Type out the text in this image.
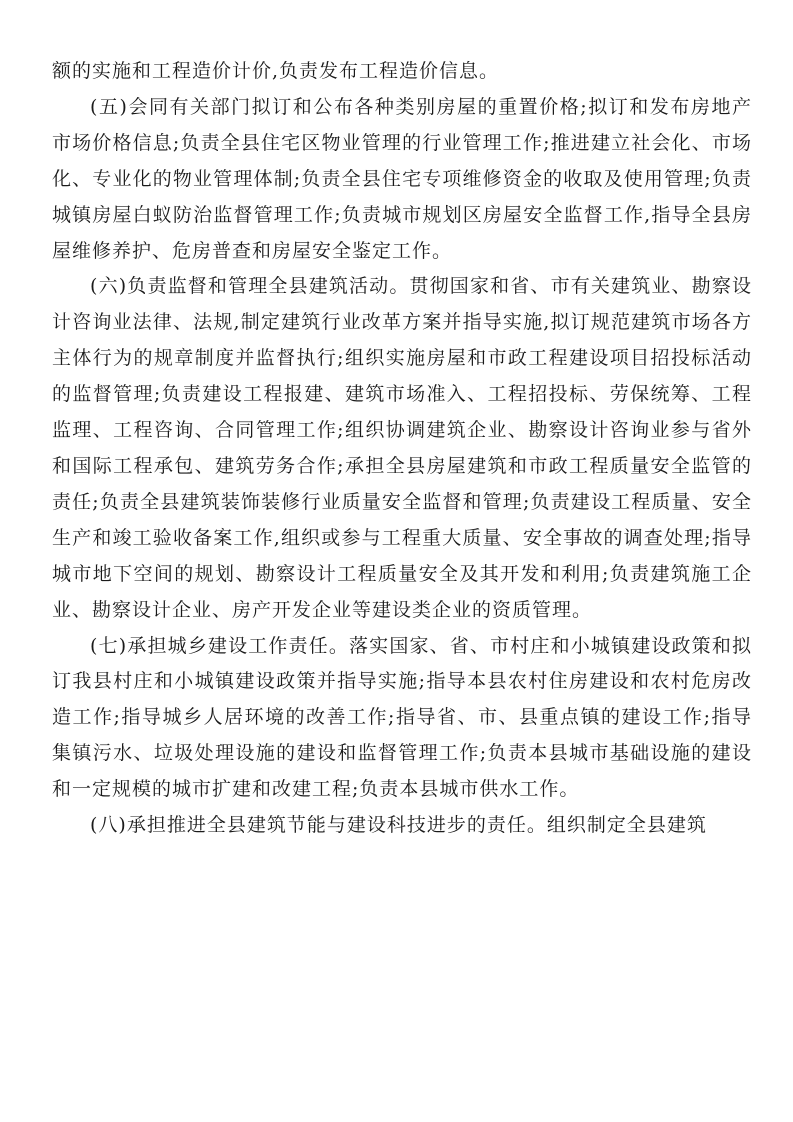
额的实施和工程造价计价,负责发布工程造价信息。

(五)会同有关部门拟订和公布各种类别房屋的重置价格;拟订和发布房地产市场价格信息;负责全县住宅区物业管理的行业管理工作;推进建立社会化、市场化、专业化的物业管理体制;负责全县住宅专项维修资金的收取及使用管理;负责城镇房屋白蚁防治监督管理工作;负责城市规划区房屋安全监督工作,指导全县房屋维修养护、危房普查和房屋安全鉴定工作。

(六)负责监督和管理全县建筑活动。贯彻国家和省、市有关建筑业、勘察设计咨询业法律、法规,制定建筑行业改革方案并指导实施,拟订规范建筑市场各方主体行为的规章制度并监督执行;组织实施房屋和市政工程建设项目招投标活动的监督管理;负责建设工程报建、建筑市场准入、工程招投标、劳保统筹、工程监理、工程咨询、合同管理工作;组织协调建筑企业、勘察设计咨询业参与省外和国际工程承包、建筑劳务合作;承担全县房屋建筑和市政工程质量安全监管的责任;负责全县建筑装饰装修行业质量安全监督和管理;负责建设工程质量、安全生产和竣工验收备案工作,组织或参与工程重大质量、安全事故的调查处理;指导城市地下空间的规划、勘察设计工程质量安全及其开发和利用;负责建筑施工企业、勘察设计企业、房产开发企业等建设类企业的资质管理。

(七)承担城乡建设工作责任。落实国家、省、市村庄和小城镇建设政策和拟订我县村庄和小城镇建设政策并指导实施;指导本县农村住房建设和农村危房改造工作;指导城乡人居环境的改善工作;指导省、市、县重点镇的建设工作;指导集镇污水、垃圾处理设施的建设和监督管理工作;负责本县城市基础设施的建设和一定规模的城市扩建和改建工程;负责本县城市供水工作。

(八)承担推进全县建筑节能与建设科技进步的责任。组织制定全县建筑
